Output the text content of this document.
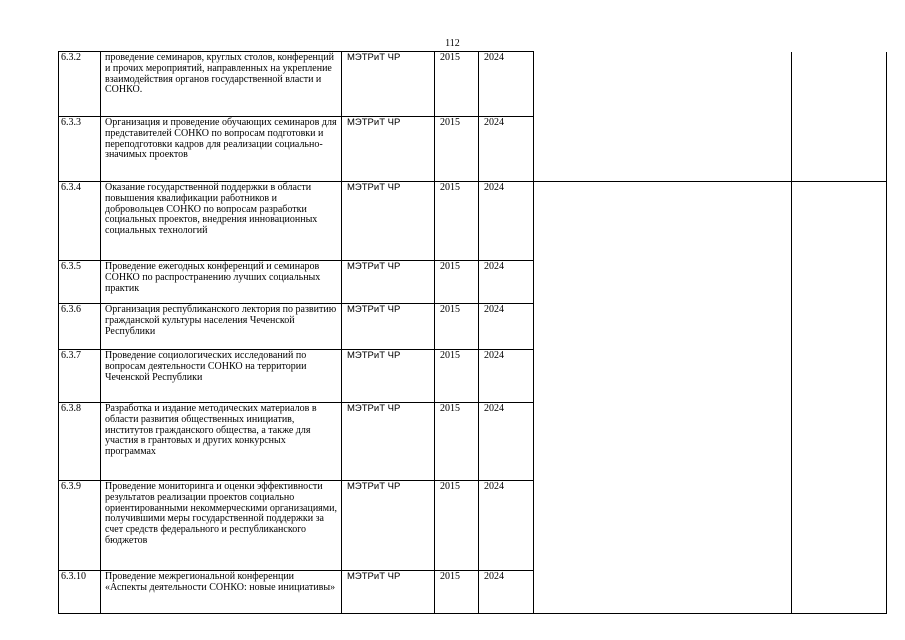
112
6.3.2	проведение семинаров, круглых столов, конференций и прочих мероприятий, направленных на укрепление взаимодействия органов государственной власти и СОНКО.	МЭТРиТ ЧР	2015	2024		
6.3.3	Организация и проведение обучающих семинаров для представителей СОНКО по вопросам подготовки и переподготовки кадров для реализации социально-значимых проектов	МЭТРиТ ЧР	2015	2024		
6.3.4	Оказание государственной поддержки в области повышения квалификации работников и добровольцев СОНКО по вопросам разработки социальных проектов, внедрения инновационных социальных технологий	МЭТРиТ ЧР	2015	2024		
6.3.5	Проведение ежегодных конференций и семинаров СОНКО по распространению лучших социальных практик	МЭТРиТ ЧР	2015	2024		
6.3.6	Организация республиканского лектория по развитию гражданской культуры населения Чеченской Республики	МЭТРиТ ЧР	2015	2024		
6.3.7	Проведение социологических исследований по вопросам деятельности СОНКО на территории Чеченской Республики	МЭТРиТ ЧР	2015	2024		
6.3.8	Разработка и издание методических материалов в области развития общественных инициатив, институтов гражданского общества, а также для участия в грантовых и других конкурсных программах	МЭТРиТ ЧР	2015	2024		
6.3.9	Проведение мониторинга и оценки эффективности результатов реализации проектов социально ориентированными некоммерческими организациями, получившими меры государственной поддержки за счет средств федерального и республиканского бюджетов	МЭТРиТ ЧР	2015	2024		
6.3.10	Проведение межрегиональной конференции «Аспекты деятельности СОНКО: новые инициативы»	МЭТРиТ ЧР	2015	2024		
